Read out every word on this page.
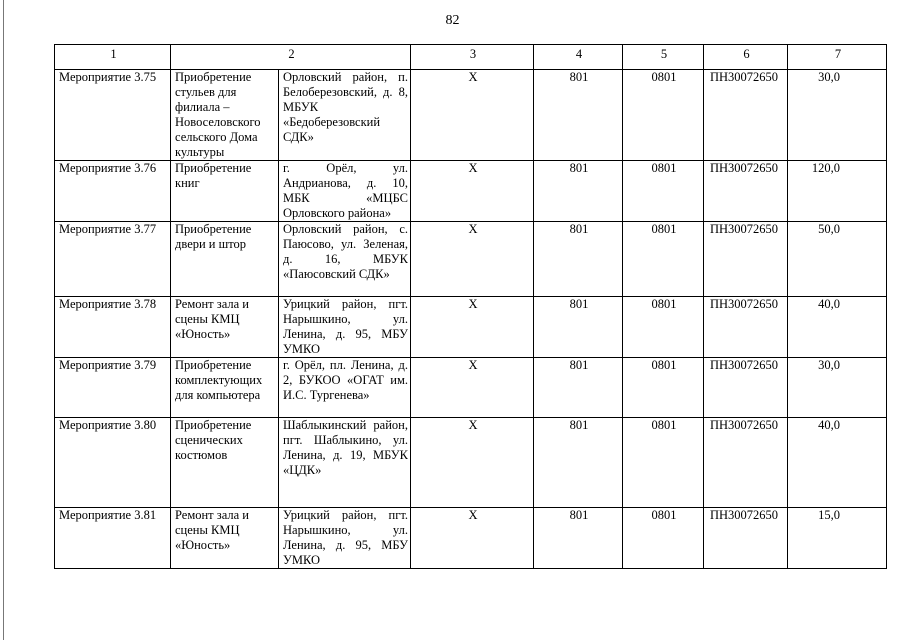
82
1	2		3	4	5	6	7
Мероприятие 3.75	Приобретение стульев для филиала – Новоселовского сельского Дома культуры	Орловский район, п. Белоберезовский, д. 8, МБУК «Бедоберезовский СДК»	Х	801	0801	ПН30072650	30,0
Мероприятие 3.76	Приобретение книг	г. Орёл, ул. Андрианова, д. 10, МБК «МЦБС Орловского района»	Х	801	0801	ПН30072650	120,0
Мероприятие 3.77	Приобретение двери и штор	Орловский район, с. Паюсово, ул. Зеленая, д. 16, МБУК «Паюсовский СДК»	Х	801	0801	ПН30072650	50,0
Мероприятие 3.78	Ремонт зала и сцены КМЦ «Юность»	Урицкий район, пгт. Нарышкино, ул. Ленина, д. 95, МБУ УМКО	Х	801	0801	ПН30072650	40,0
Мероприятие 3.79	Приобретение комплектующих для компьютера	г. Орёл, пл. Ленина, д. 2, БУКОО «ОГАТ им. И.С. Тургенева»	Х	801	0801	ПН30072650	30,0
Мероприятие 3.80	Приобретение сценических костюмов	Шаблыкинский район, пгт. Шаблыкино, ул. Ленина, д. 19, МБУК «ЦДК»	Х	801	0801	ПН30072650	40,0
Мероприятие 3.81	Ремонт зала и сцены КМЦ «Юность»	Урицкий район, пгт. Нарышкино, ул. Ленина, д. 95, МБУ УМКО	Х	801	0801	ПН30072650	15,0
